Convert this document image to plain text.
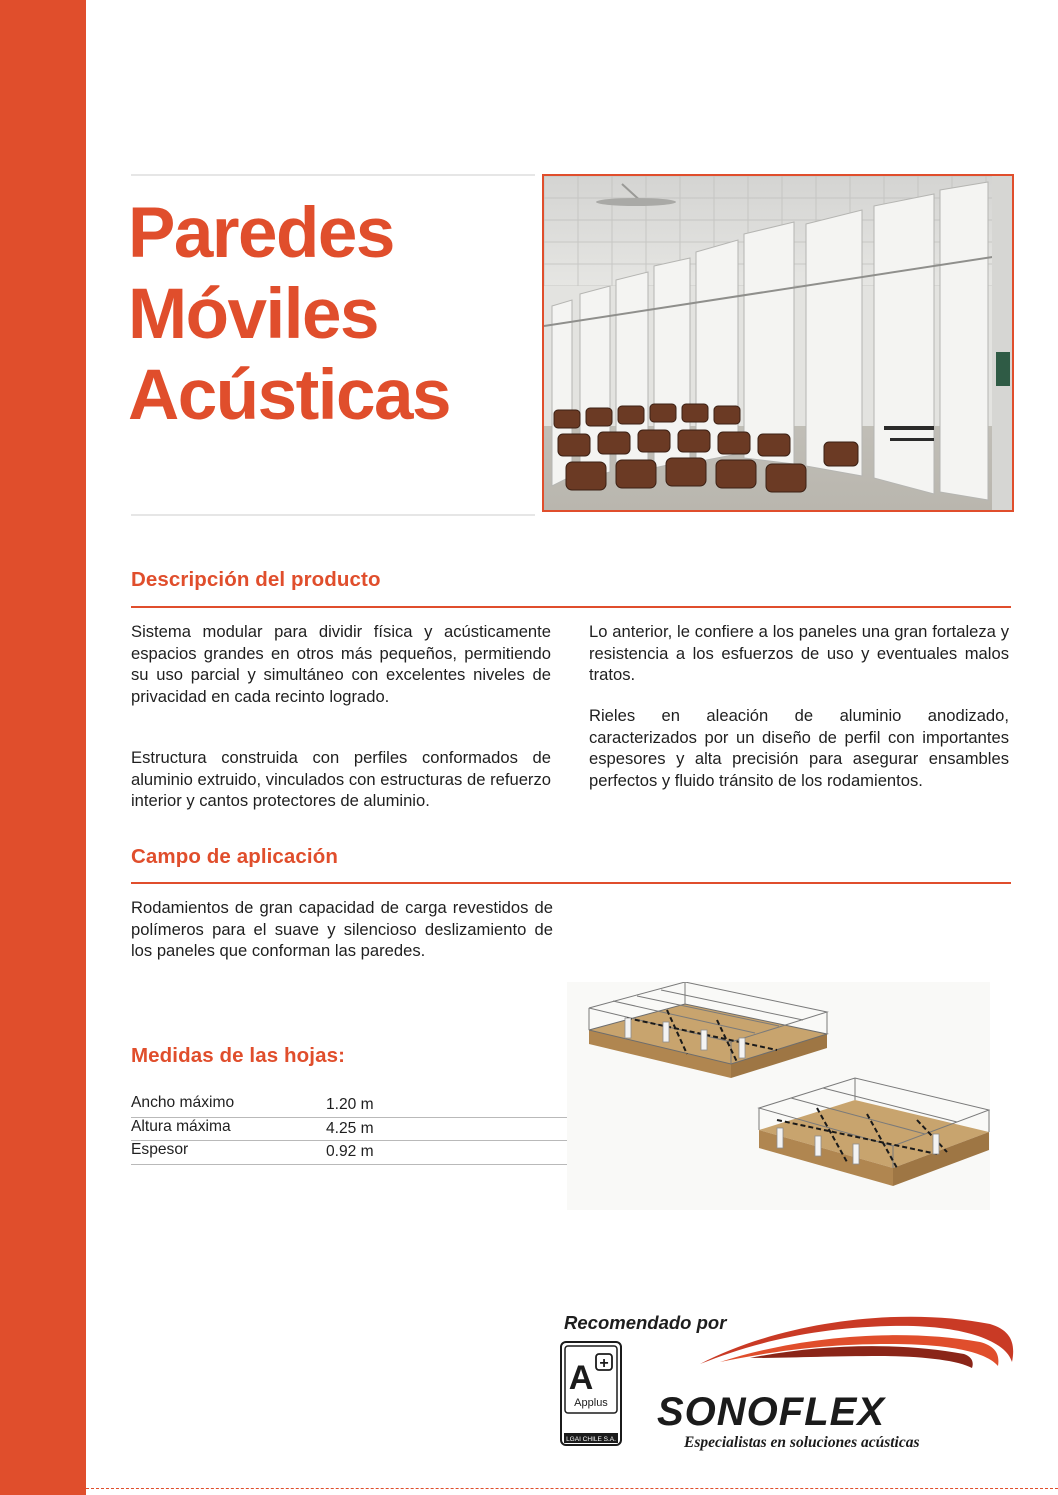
Paredes
Móviles
Acústicas
Descripción del producto

Sistema modular para dividir física y acústicamente espacios grandes en otros más pequeños, permitiendo su uso parcial y simultáneo con excelentes niveles de privacidad en cada recinto logrado.

Estructura construida con perfiles conformados de aluminio extruido, vinculados con estructuras de refuerzo interior y cantos protectores de aluminio.

Lo anterior, le confiere a los paneles una gran fortaleza y resistencia a los esfuerzos de uso y eventuales malos tratos.

Rieles en aleación de aluminio anodizado, caracterizados por un diseño de perfil con importantes espesores y alta precisión para asegurar ensambles perfectos y fluido tránsito de los rodamientos.

Campo de aplicación

Rodamientos de gran capacidad de carga revestidos de polímeros para el suave y silencioso deslizamiento de los paneles que conforman las paredes.

Medidas de las hojas:
Ancho máximo	1.20 m
Altura máxima	4.25 m
Espesor	0.92 m

Recomendado por

A +
Applus
LGAI CHILE S.A.

SONOFLEX

Especialistas en soluciones acústicas
